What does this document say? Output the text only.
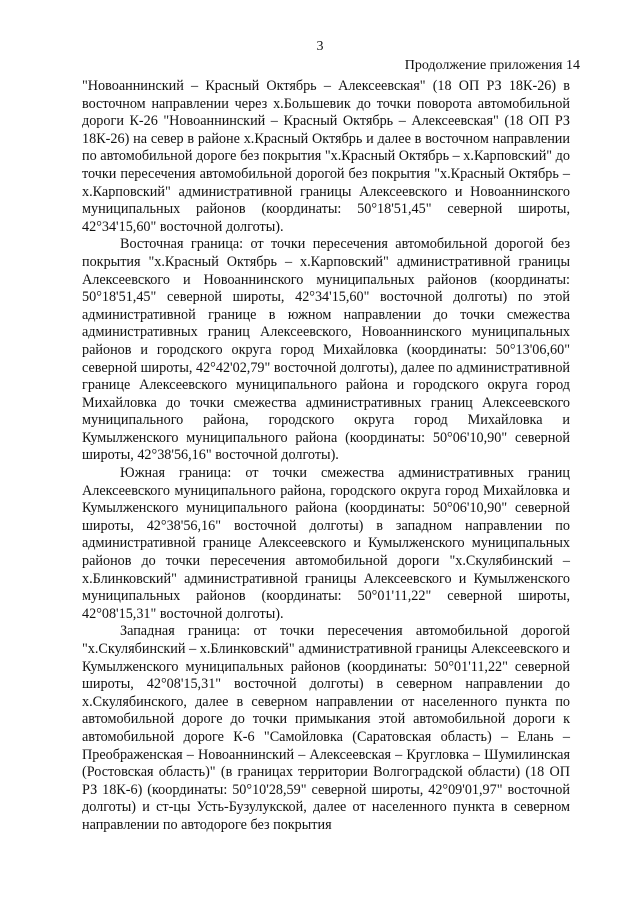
3
Продолжение приложения 14

"Новоаннинский – Красный Октябрь – Алексеевская" (18 ОП РЗ 18К-26) в восточном направлении через х.Большевик до точки поворота автомобильной дороги К-26 "Новоаннинский – Красный Октябрь – Алексеевская" (18 ОП РЗ 18К-26) на север в районе х.Красный Октябрь и далее в восточном направлении по автомобильной дороге без покрытия "х.Красный Октябрь – х.Карповский" до точки пересечения автомобильной дорогой без покрытия "х.Красный Октябрь – х.Карповский" административной границы Алексеевского и Новоаннинского муниципальных районов (координаты: 50°18'51,45" северной широты, 42°34'15,60" восточной долготы).

Восточная граница: от точки пересечения автомобильной дорогой без покрытия "х.Красный Октябрь – х.Карповский" административной границы Алексеевского и Новоаннинского муниципальных районов (координаты: 50°18'51,45" северной широты, 42°34'15,60" восточной долготы) по этой административной границе в южном направлении до точки смежества административных границ Алексеевского, Новоаннинского муниципальных районов и городского округа город Михайловка (координаты: 50°13'06,60" северной широты, 42°42'02,79" восточной долготы), далее по административной границе Алексеевского муниципального района и городского округа город Михайловка до точки смежества административных границ Алексеевского муниципального района, городского округа город Михайловка и Кумылженского муниципального района (координаты: 50°06'10,90" северной широты, 42°38'56,16" восточной долготы).

Южная граница: от точки смежества административных границ Алексеевского муниципального района, городского округа город Михайловка и Кумылженского муниципального района (координаты: 50°06'10,90" северной широты, 42°38'56,16" восточной долготы) в западном направлении по административной границе Алексеевского и Кумылженского муниципальных районов до точки пересечения автомобильной дороги "х.Скулябинский – х.Блинковский" административной границы Алексеевского и Кумылженского муниципальных районов (координаты: 50°01'11,22" северной широты, 42°08'15,31" восточной долготы).

Западная граница: от точки пересечения автомобильной дорогой "х.Скулябинский – х.Блинковский" административной границы Алексеевского и Кумылженского муниципальных районов (координаты: 50°01'11,22" северной широты, 42°08'15,31" восточной долготы) в северном направлении до х.Скулябинского, далее в северном направлении от населенного пункта по автомобильной дороге до точки примыкания этой автомобильной дороги к автомобильной дороге К-6 "Самойловка (Саратовская область) – Елань – Преображенская – Новоаннинский – Алексеевская – Кругловка – Шумилинская (Ростовская область)" (в границах территории Волгоградской области) (18 ОП РЗ 18К-6) (координаты: 50°10'28,59" северной широты, 42°09'01,97" восточной долготы) и ст-цы Усть-Бузулукской, далее от населенного пункта в северном направлении по автодороге без покрытия
